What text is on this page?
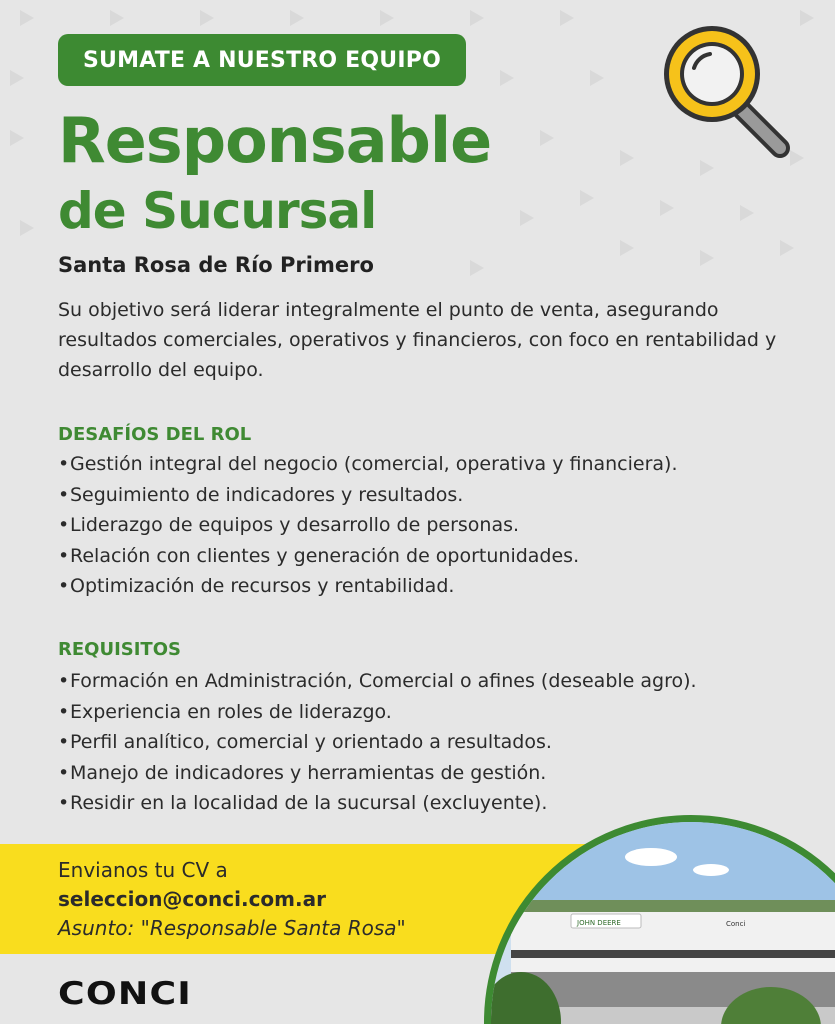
SUMATE A NUESTRO EQUIPO
Responsable
de Sucursal
Santa Rosa de Río Primero
Su objetivo será liderar integralmente el punto de venta, asegurando resultados comerciales, operativos y financieros, con foco en rentabilidad y desarrollo del equipo.
DESAFÍOS DEL ROL
•Gestión integral del negocio (comercial, operativa y financiera).
•Seguimiento de indicadores y resultados.
•Liderazgo de equipos y desarrollo de personas.
•Relación con clientes y generación de oportunidades.
•Optimización de recursos y rentabilidad.
REQUISITOS
•Formación en Administración, Comercial o afines (deseable agro).
•Experiencia en roles de liderazgo.
•Perfil analítico, comercial y orientado a resultados.
•Manejo de indicadores y herramientas de gestión.
•Residir en la localidad de la sucursal (excluyente).
Envianos tu CV a
seleccion@conci.com.ar
Asunto: "Responsable Santa Rosa"
CONCI
JOHN DEERE	Conci
